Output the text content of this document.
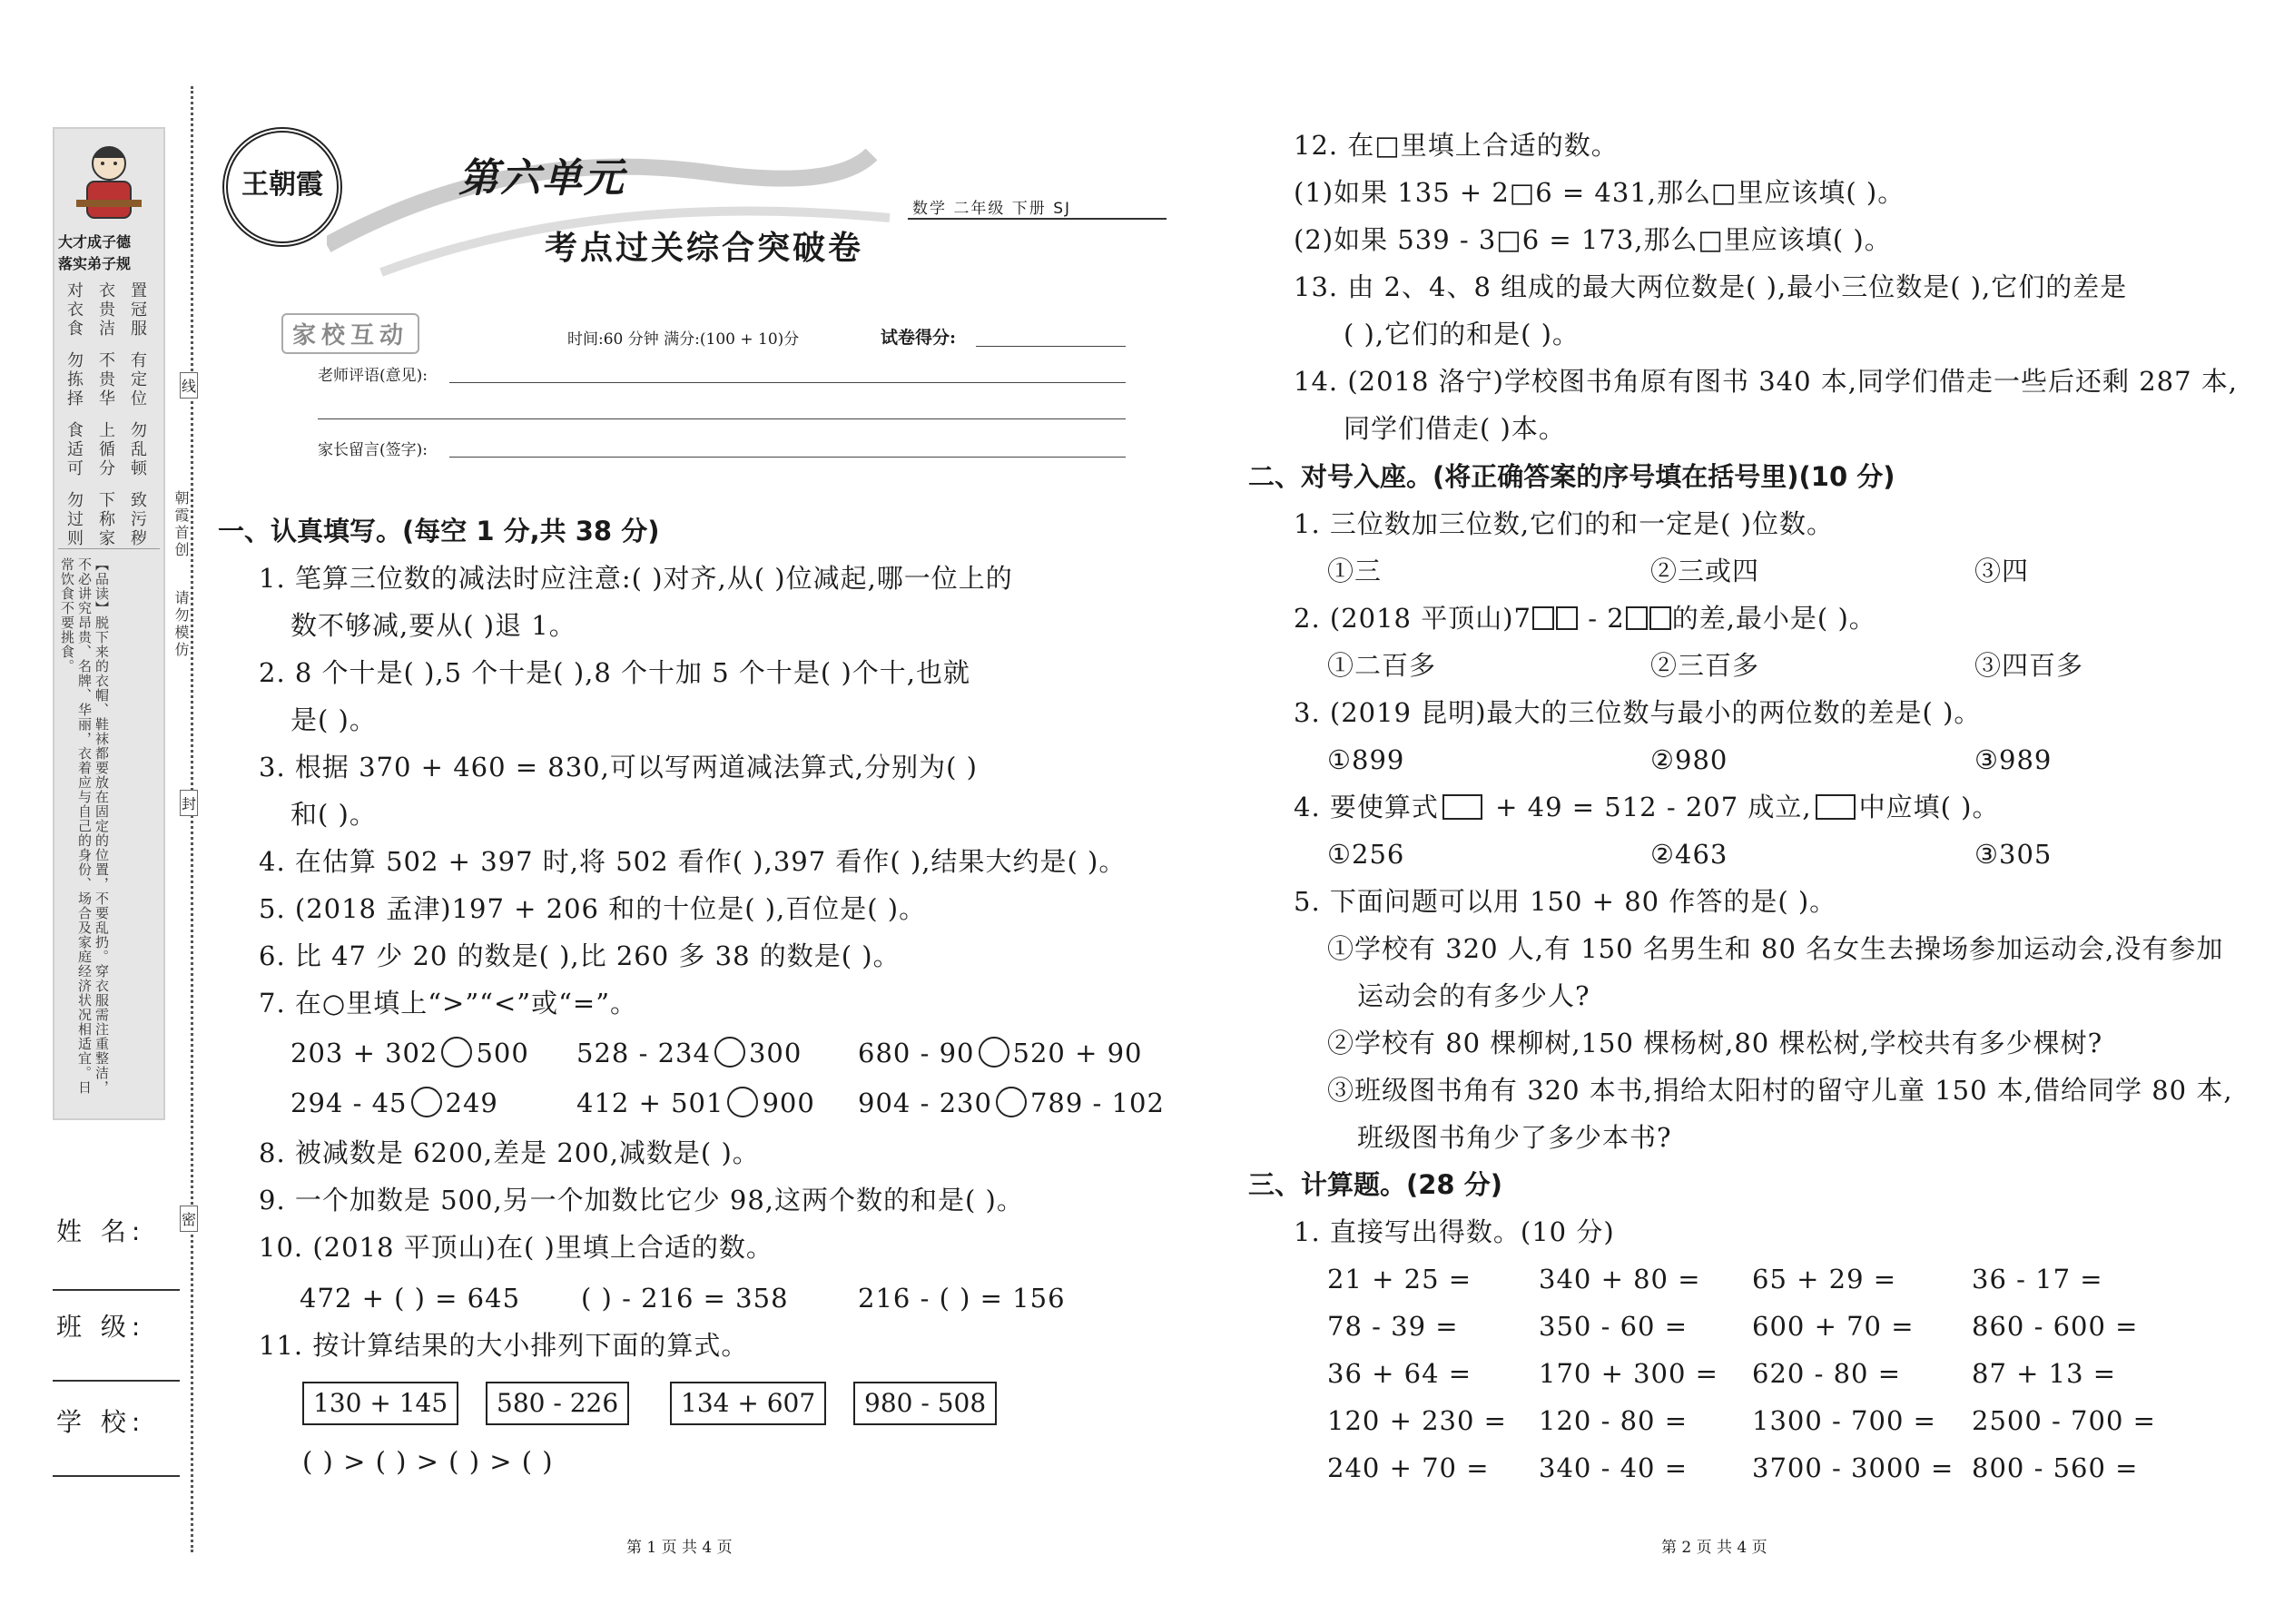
大才成子德
落实弟子规
置冠服
有定位
勿乱顿
致污秽
衣贵洁
不贵华
上循分
下称家
对衣食
勿拣择
食适可
勿过则
【品读】脱下来的衣帽、鞋袜都要放在固定的位置，不要乱扔。穿衣服需注重整洁，不必讲究昂贵、名牌、华丽，衣着应与自己的身份、场合及家庭经济状况相适宜。日常饮食不要挑食。
姓 名:
班 级:
学 校:
线
封
密
朝霞首创
请勿模仿
王朝霞	第六单元
考点过关综合突破卷
数学 二年级 下册 SJ
家校互动	时间:60 分钟 满分:(100 + 10)分	试卷得分:
老师评语(意见):
家长留言(签字):
一、认真填写。(每空 1 分,共 38 分)
1. 笔算三位数的减法时应注意:( )对齐,从( )位减起,哪一位上的
数不够减,要从( )退 1。
2. 8 个十是( ),5 个十是( ),8 个十加 5 个十是( )个十,也就
是( )。
3. 根据 370 + 460 = 830,可以写两道减法算式,分别为( )
和( )。
4. 在估算 502 + 397 时,将 502 看作( ),397 看作( ),结果大约是( )。
5. (2018 孟津)197 + 206 和的十位是( ),百位是( )。
6. 比 47 少 20 的数是( ),比 260 多 38 的数是( )。
7. 在○里填上“>”“<”或“=”。
203 + 302 500 528 - 234 300 680 - 90 520 + 90
294 - 45 249	412 + 501 900 904 - 230 789 - 102
8. 被减数是 6200,差是 200,减数是( )。
9. 一个加数是 500,另一个加数比它少 98,这两个数的和是( )。
10. (2018 平顶山)在( )里填上合适的数。
472 + ( ) = 645 ( ) - 216 = 358	216 - ( ) = 156
11. 按计算结果的大小排列下面的算式。
130 + 145	580 - 226	134 + 607	980 - 508
( ) > ( ) > ( ) > ( )
第 1 页 共 4 页
12. 在□里填上合适的数。
(1)如果 135 + 2□6 = 431,那么□里应该填( )。
(2)如果 539 - 3□6 = 173,那么□里应该填( )。
13. 由 2、4、8 组成的最大两位数是( ),最小三位数是( ),它们的差是
( ),它们的和是( )。
14. (2018 洛宁)学校图书角原有图书 340 本,同学们借走一些后还剩 287 本,
同学们借走( )本。
二、对号入座。(将正确答案的序号填在括号里)(10 分)
1. 三位数加三位数,它们的和一定是( )位数。
①三	②三或四	③四
2. (2018 平顶山)7 - 2 的差,最小是( )。
①二百多	②三百多	③四百多
3. (2019 昆明)最大的三位数与最小的两位数的差是( )。
①899	②980	③989
4. 要使算式 + 49 = 512 - 207 成立, 中应填( )。
①256	②463	③305
5. 下面问题可以用 150 + 80 作答的是( )。
①学校有 320 人,有 150 名男生和 80 名女生去操场参加运动会,没有参加
运动会的有多少人?
②学校有 80 棵柳树,150 棵杨树,80 棵松树,学校共有多少棵树?
③班级图书角有 320 本书,捐给太阳村的留守儿童 150 本,借给同学 80 本,
班级图书角少了多少本书?
三、计算题。(28 分)
1. 直接写出得数。(10 分)
21 + 25 =	340 + 80 = 65 + 29 =	36 - 17 =
78 - 39 =	350 - 60 = 600 + 70 = 860 - 600 =
36 + 64 =	170 + 300 = 620 - 80 =	87 + 13 =
120 + 230 = 120 - 80 = 1300 - 700 = 2500 - 700 =
240 + 70 = 340 - 40 = 3700 - 3000 = 800 - 560 =
第 2 页 共 4 页
